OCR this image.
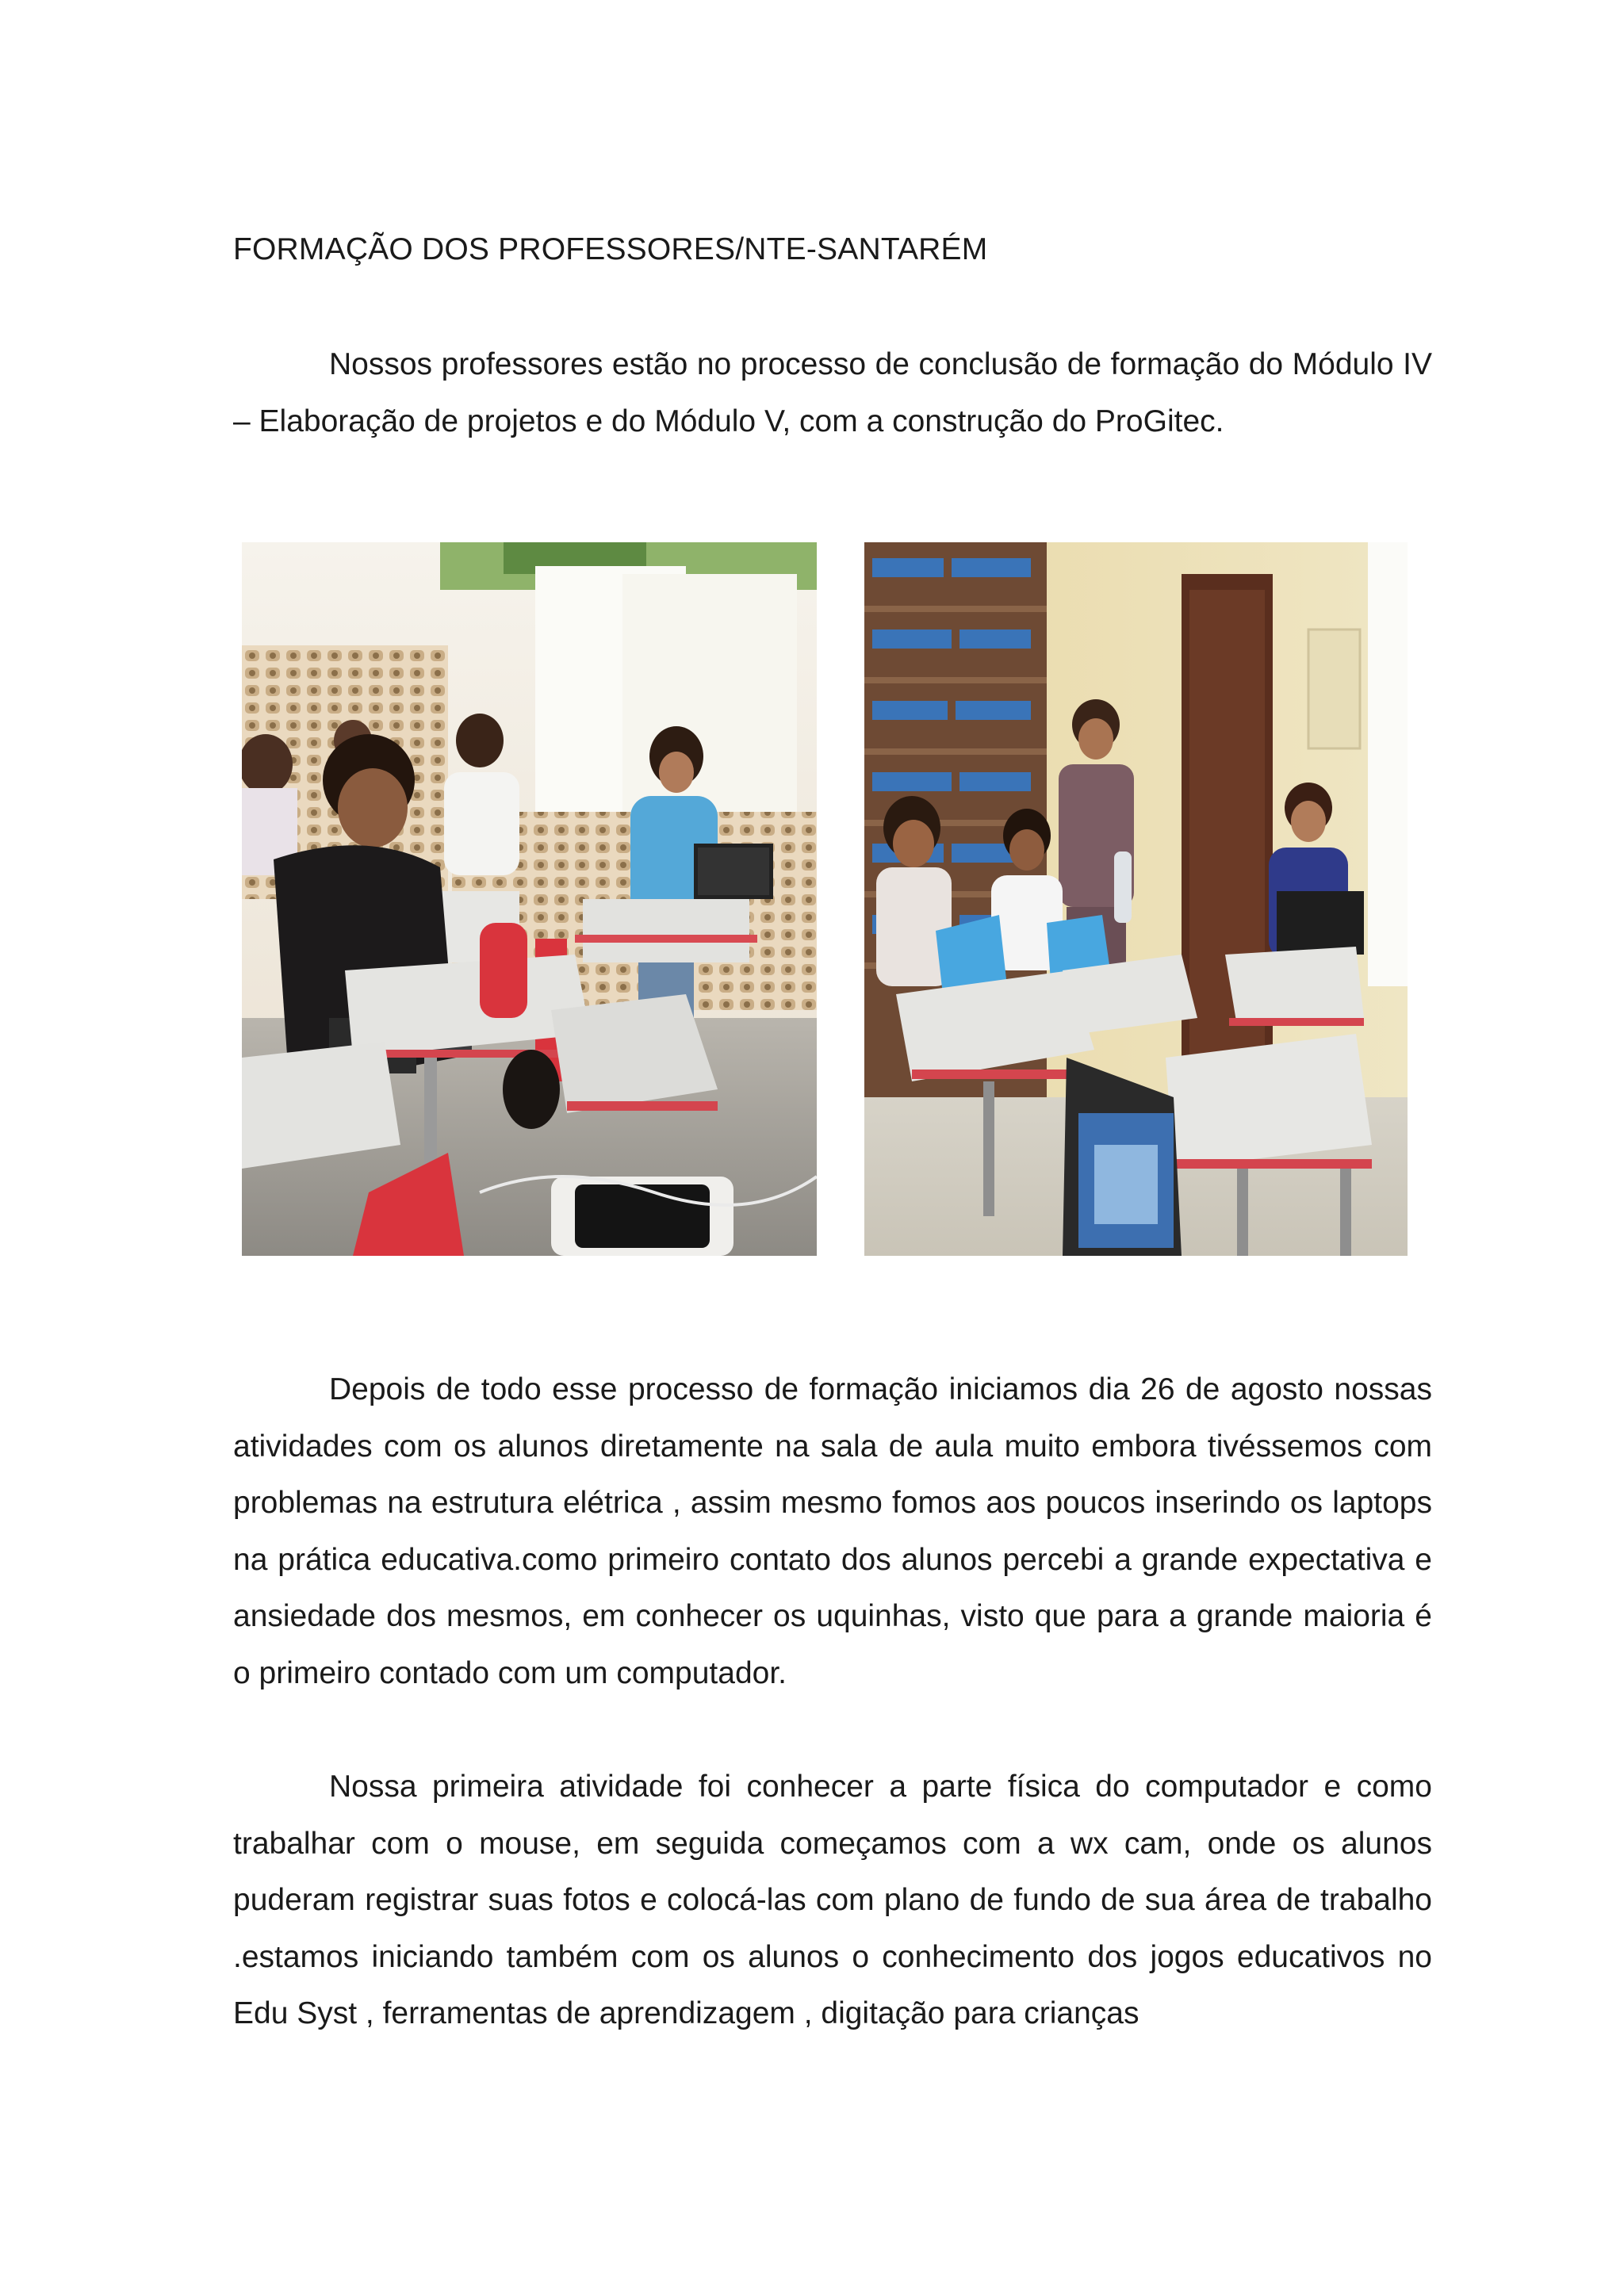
FORMAÇÃO DOS PROFESSORES/NTE-SANTARÉM

Nossos professores estão no processo de conclusão de formação do Módulo IV – Elaboração de projetos e do Módulo V, com a construção do ProGitec.

Depois de todo esse processo de formação iniciamos dia 26 de agosto nossas atividades com os alunos diretamente na sala de aula muito embora tivéssemos com problemas na estrutura elétrica , assim mesmo fomos aos poucos inserindo os laptops na prática educativa.como primeiro contato dos alunos percebi a grande expectativa e ansiedade dos mesmos, em conhecer os uquinhas, visto que para a grande maioria é o primeiro contado com um computador.

Nossa primeira atividade foi conhecer a parte física do computador e como trabalhar com o mouse, em seguida começamos com a wx cam, onde os alunos puderam registrar suas fotos e colocá-las com plano de fundo de sua área de trabalho .estamos iniciando também com os alunos o conhecimento dos jogos educativos no Edu Syst , ferramentas de aprendizagem , digitação para crianças
